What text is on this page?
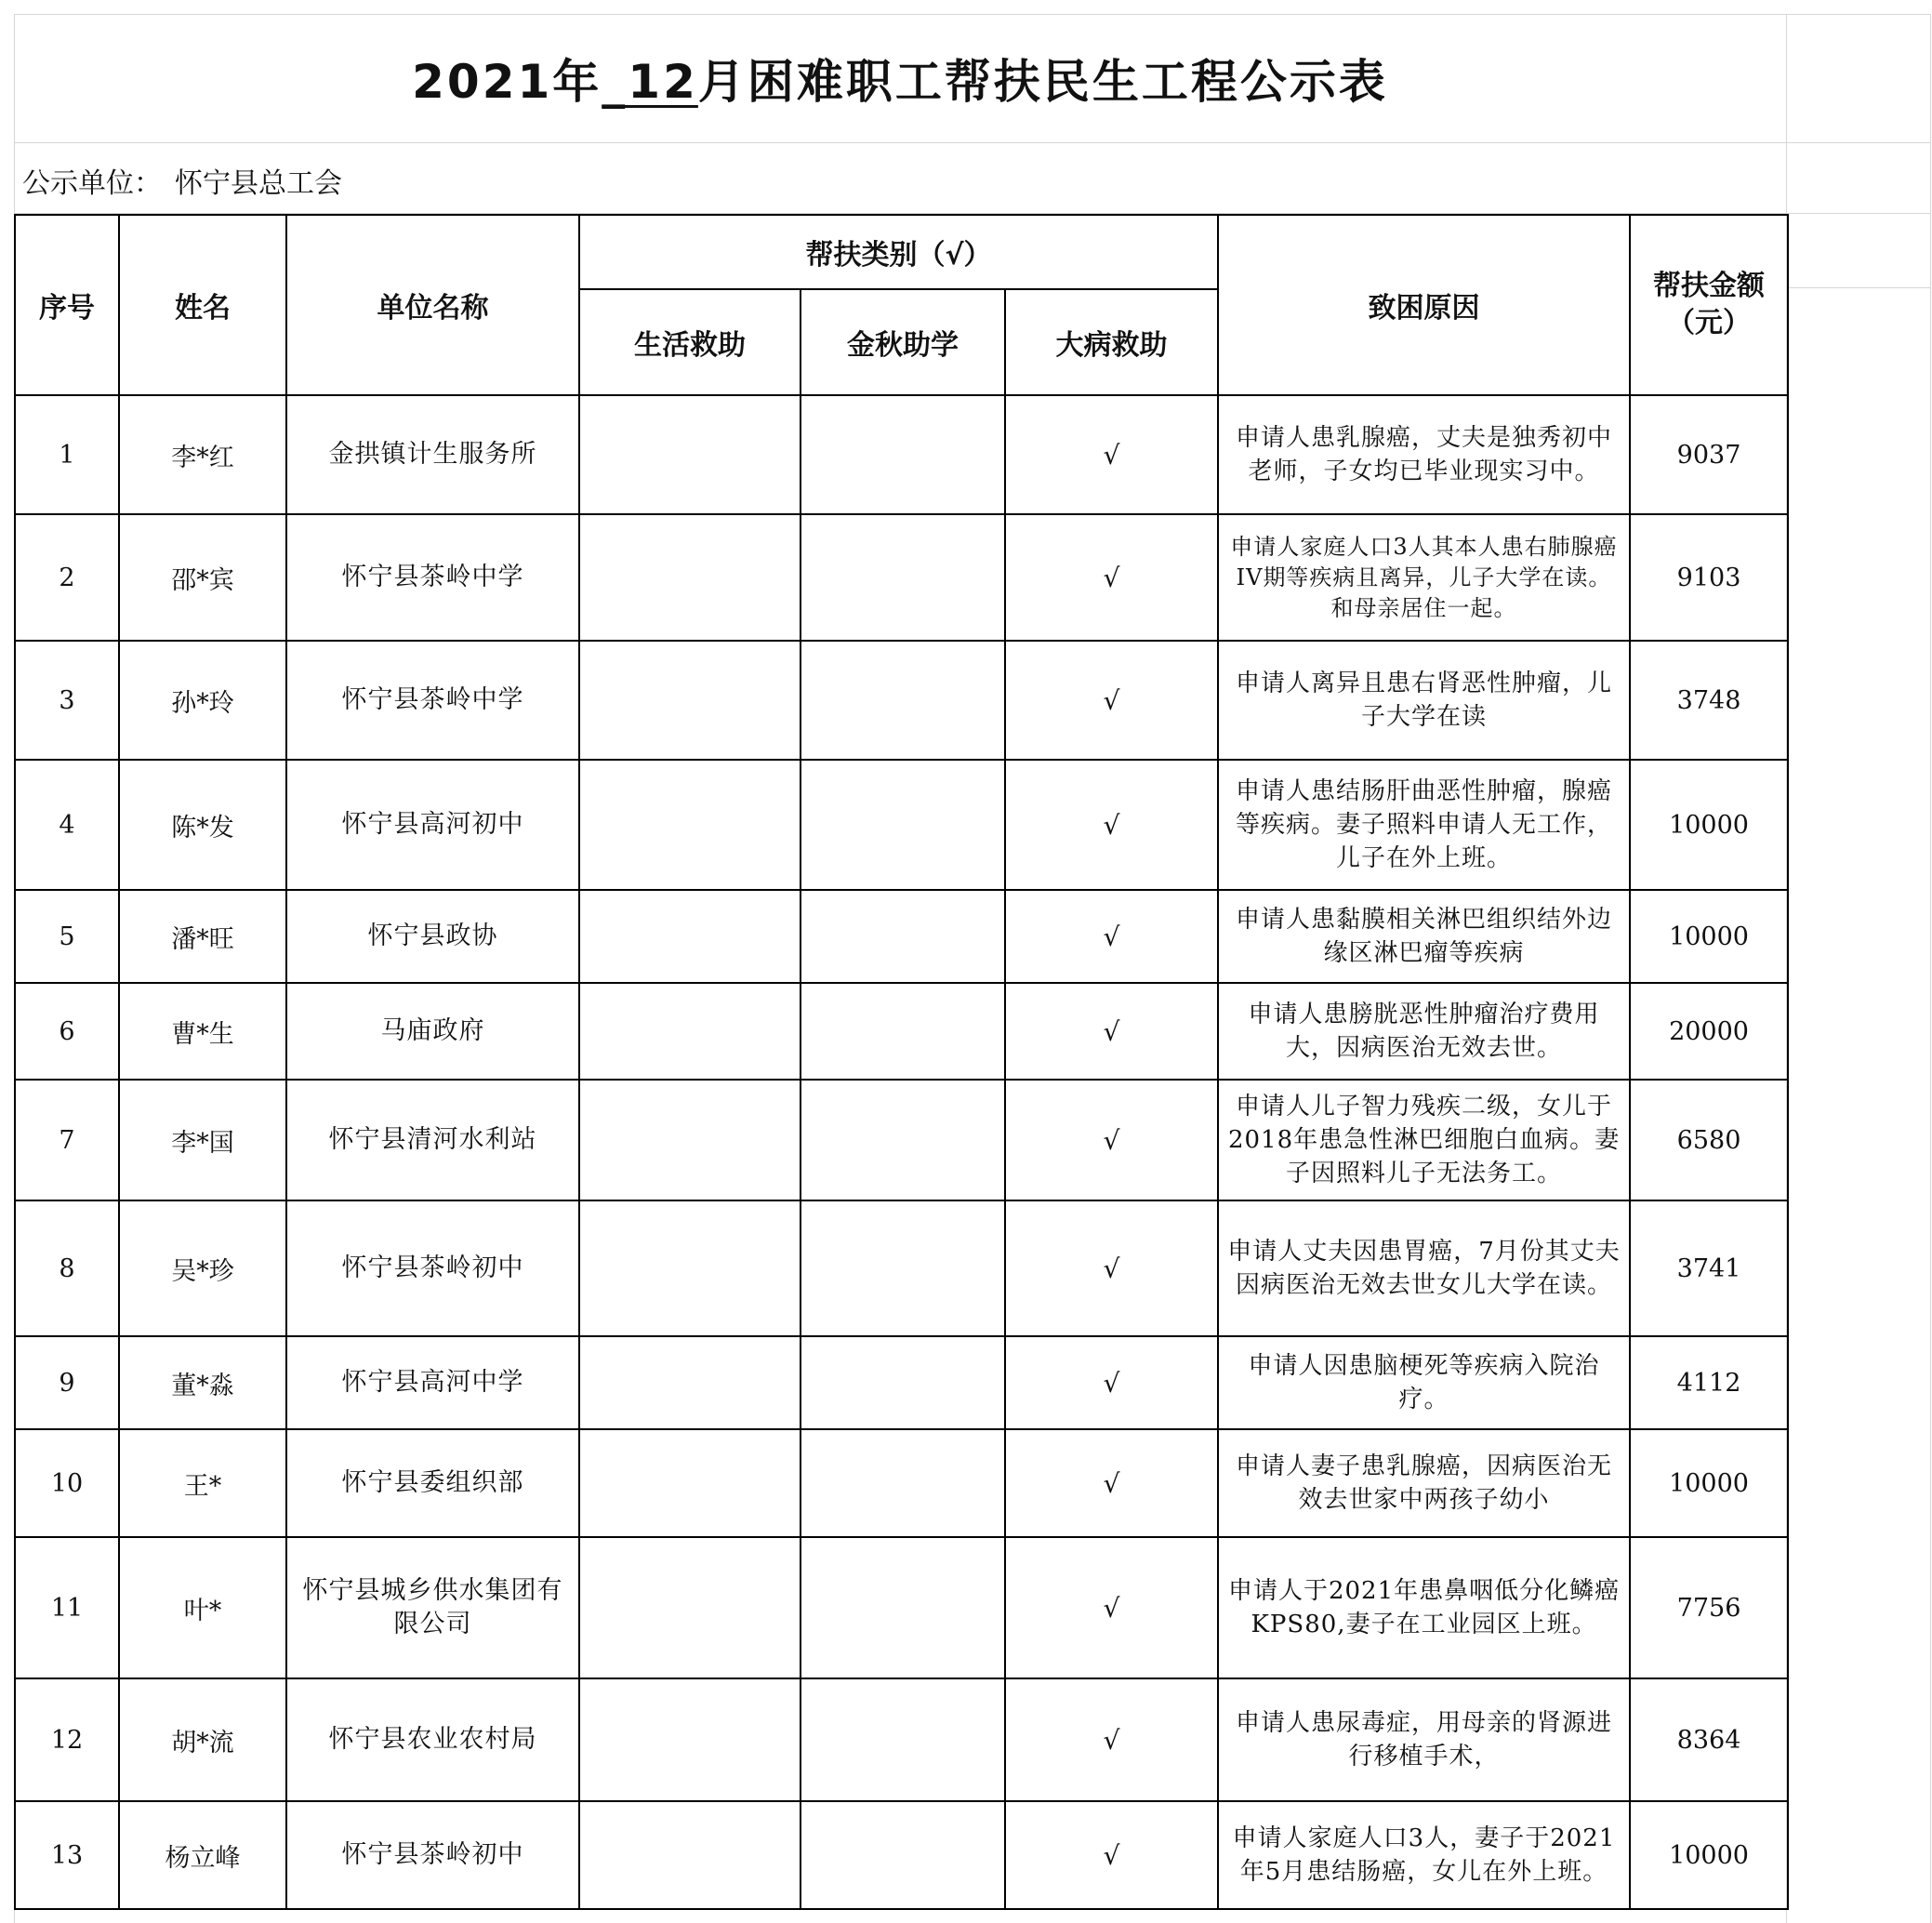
2021年_12月困难职工帮扶民生工程公示表
公示单位： 怀宁县总工会
序号	姓名	单位名称	帮扶类别（√）			致困原因	帮扶金额（元）
			生活救助	金秋助学	大病救助		
1	李*红	金拱镇计生服务所			√	申请人患乳腺癌，丈夫是独秀初中老师，子女均已毕业现实习中。	9037
2	邵*宾	怀宁县茶岭中学			√	申请人家庭人口3人其本人患右肺腺癌IV期等疾病且离异，儿子大学在读。和母亲居住一起。	9103
3	孙*玲	怀宁县茶岭中学			√	申请人离异且患右肾恶性肿瘤，儿子大学在读	3748
4	陈*发	怀宁县高河初中			√	申请人患结肠肝曲恶性肿瘤，腺癌等疾病。妻子照料申请人无工作，儿子在外上班。	10000
5	潘*旺	怀宁县政协			√	申请人患黏膜相关淋巴组织结外边缘区淋巴瘤等疾病	10000
6	曹*生	马庙政府			√	申请人患膀胱恶性肿瘤治疗费用大，因病医治无效去世。	20000
7	李*国	怀宁县清河水利站			√	申请人儿子智力残疾二级，女儿于2018年患急性淋巴细胞白血病。妻子因照料儿子无法务工。	6580
8	吴*珍	怀宁县茶岭初中			√	申请人丈夫因患胃癌，7月份其丈夫因病医治无效去世女儿大学在读。	3741
9	董*淼	怀宁县高河中学			√	申请人因患脑梗死等疾病入院治疗。	4112
10	王*	怀宁县委组织部			√	申请人妻子患乳腺癌，因病医治无效去世家中两孩子幼小	10000
11	叶*	怀宁县城乡供水集团有限公司			√	申请人于2021年患鼻咽低分化鳞癌KPS80,妻子在工业园区上班。	7756
12	胡*流	怀宁县农业农村局			√	申请人患尿毒症，用母亲的肾源进行移植手术，	8364
13	杨立峰	怀宁县茶岭初中			√	申请人家庭人口3人，妻子于2021年5月患结肠癌，女儿在外上班。	10000
